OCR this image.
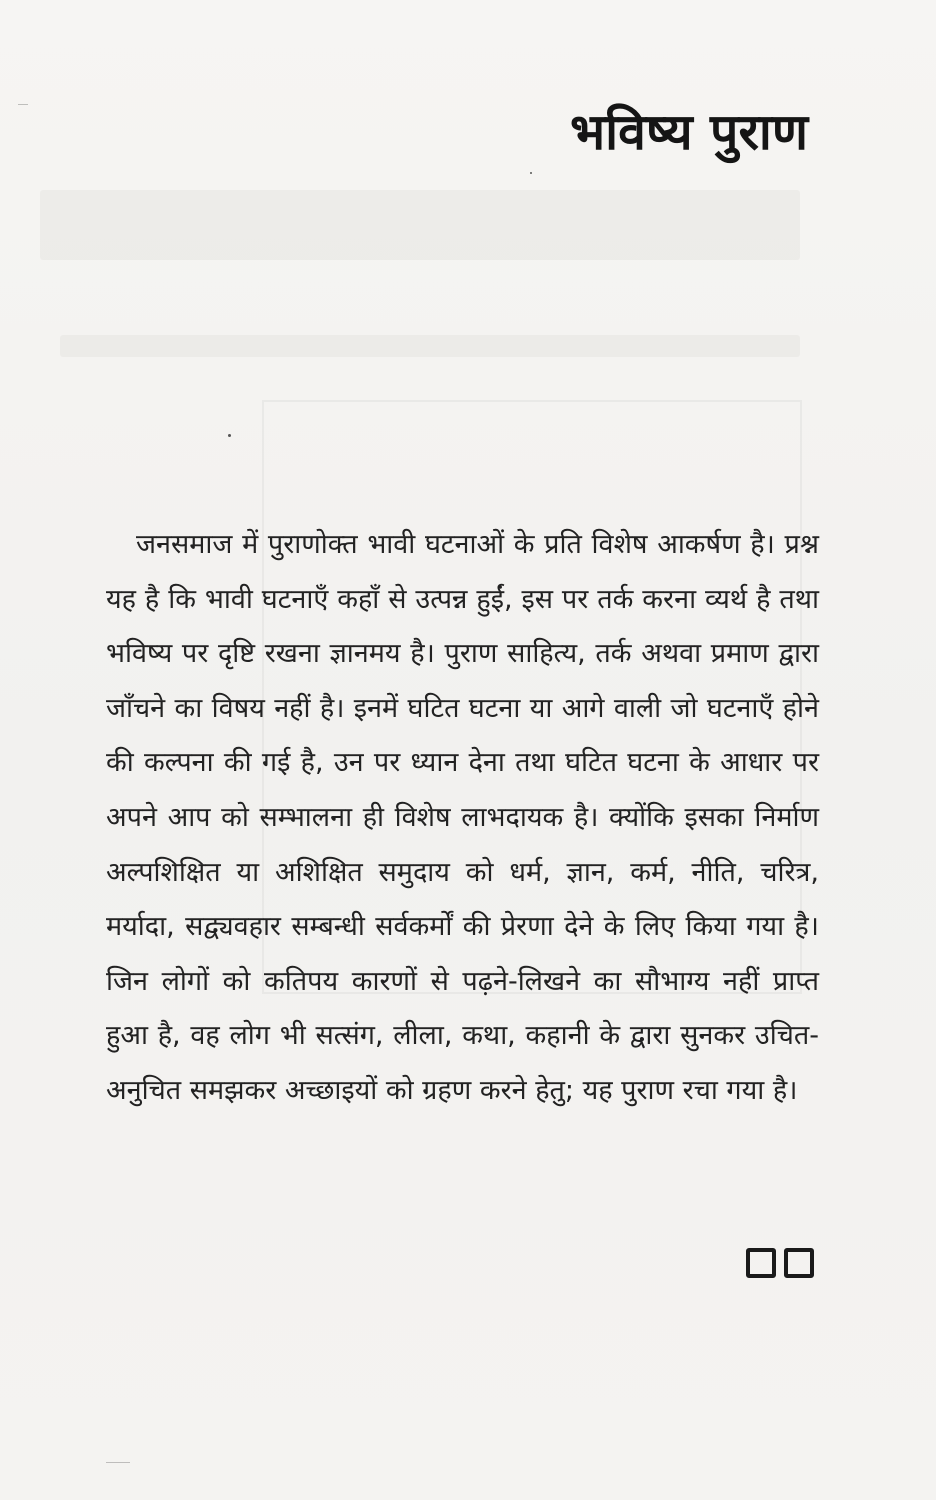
भविष्य पुराण

जनसमाज में पुराणोक्त भावी घटनाओं के प्रति विशेष आकर्षण है। प्रश्न यह है कि भावी घटनाएँ कहाँ से उत्पन्न हुईं, इस पर तर्क करना व्यर्थ है तथा भविष्य पर दृष्टि रखना ज्ञानमय है। पुराण साहित्य, तर्क अथवा प्रमाण द्वारा जाँचने का विषय नहीं है। इनमें घटित घटना या आगे वाली जो घटनाएँ होने की कल्पना की गई है, उन पर ध्यान देना तथा घटित घटना के आधार पर अपने आप को सम्भालना ही विशेष लाभदायक है। क्योंकि इसका निर्माण अल्पशिक्षित या अशिक्षित समुदाय को धर्म, ज्ञान, कर्म, नीति, चरित्र, मर्यादा, सद्व्यवहार सम्बन्धी सर्वकर्मों की प्रेरणा देने के लिए किया गया है। जिन लोगों को कतिपय कारणों से पढ़ने-लिखने का सौभाग्य नहीं प्राप्त हुआ है, वह लोग भी सत्संग, लीला, कथा, कहानी के द्वारा सुनकर उचित-अनुचित समझकर अच्छाइयों को ग्रहण करने हेतु; यह पुराण रचा गया है।
